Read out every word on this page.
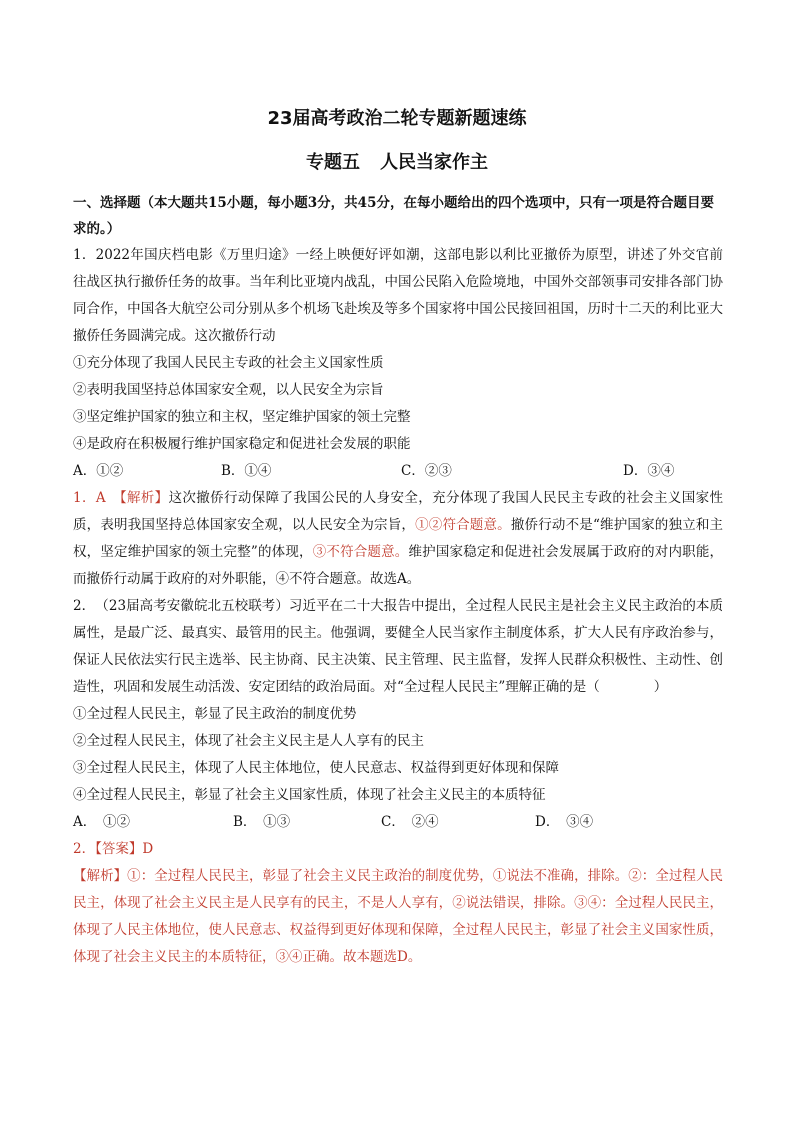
23届高考政治二轮专题新题速练
专题五 人民当家作主

一、选择题（本大题共15小题，每小题3分，共45分，在每小题给出的四个选项中，只有一项是符合题目要求的。）

1．2022年国庆档电影《万里归途》一经上映便好评如潮，这部电影以利比亚撤侨为原型，讲述了外交官前往战区执行撤侨任务的故事。当年利比亚境内战乱，中国公民陷入危险境地，中国外交部领事司安排各部门协同合作，中国各大航空公司分别从多个机场飞赴埃及等多个国家将中国公民接回祖国，历时十二天的利比亚大撤侨任务圆满完成。这次撤侨行动

①充分体现了我国人民民主专政的社会主义国家性质

②表明我国坚持总体国家安全观，以人民安全为宗旨

③坚定维护国家的独立和主权，坚定维护国家的领土完整

④是政府在积极履行维护国家稳定和促进社会发展的职能

A．①②	B．①④	C．②③	D．③④

1．A　【解析】这次撤侨行动保障了我国公民的人身安全，充分体现了我国人民民主专政的社会主义国家性质，表明我国坚持总体国家安全观，以人民安全为宗旨，①②符合题意。撤侨行动不是“维护国家的独立和主权，坚定维护国家的领土完整”的体现，③不符合题意。维护国家稳定和促进社会发展属于政府的对内职能，而撤侨行动属于政府的对外职能，④不符合题意。故选A。

2．　（23届高考安徽皖北五校联考）习近平在二十大报告中提出，全过程人民民主是社会主义民主政治的本质属性，是最广泛、最真实、最管用的民主。他强调，要健全人民当家作主制度体系，扩大人民有序政治参与，保证人民依法实行民主选举、民主协商、民主决策、民主管理、民主监督，发挥人民群众积极性、主动性、创造性，巩固和发展生动活泼、安定团结的政治局面。对“全过程人民民主”理解正确的是（　　　　）

①全过程人民民主，彰显了民主政治的制度优势

②全过程人民民主，体现了社会主义民主是人人享有的民主

③全过程人民民主，体现了人民主体地位，使人民意志、权益得到更好体现和保障

④全过程人民民主，彰显了社会主义国家性质，体现了社会主义民主的本质特征

A．　①②	B．　①③	C．　②④	D．　③④

2．【答案】D

【解析】①：全过程人民民主，彰显了社会主义民主政治的制度优势，①说法不准确，排除。②：全过程人民民主，体现了社会主义民主是人民享有的民主，不是人人享有，②说法错误，排除。③④：全过程人民民主，体现了人民主体地位，使人民意志、权益得到更好体现和保障，全过程人民民主，彰显了社会主义国家性质，体现了社会主义民主的本质特征，③④正确。故本题选D。
